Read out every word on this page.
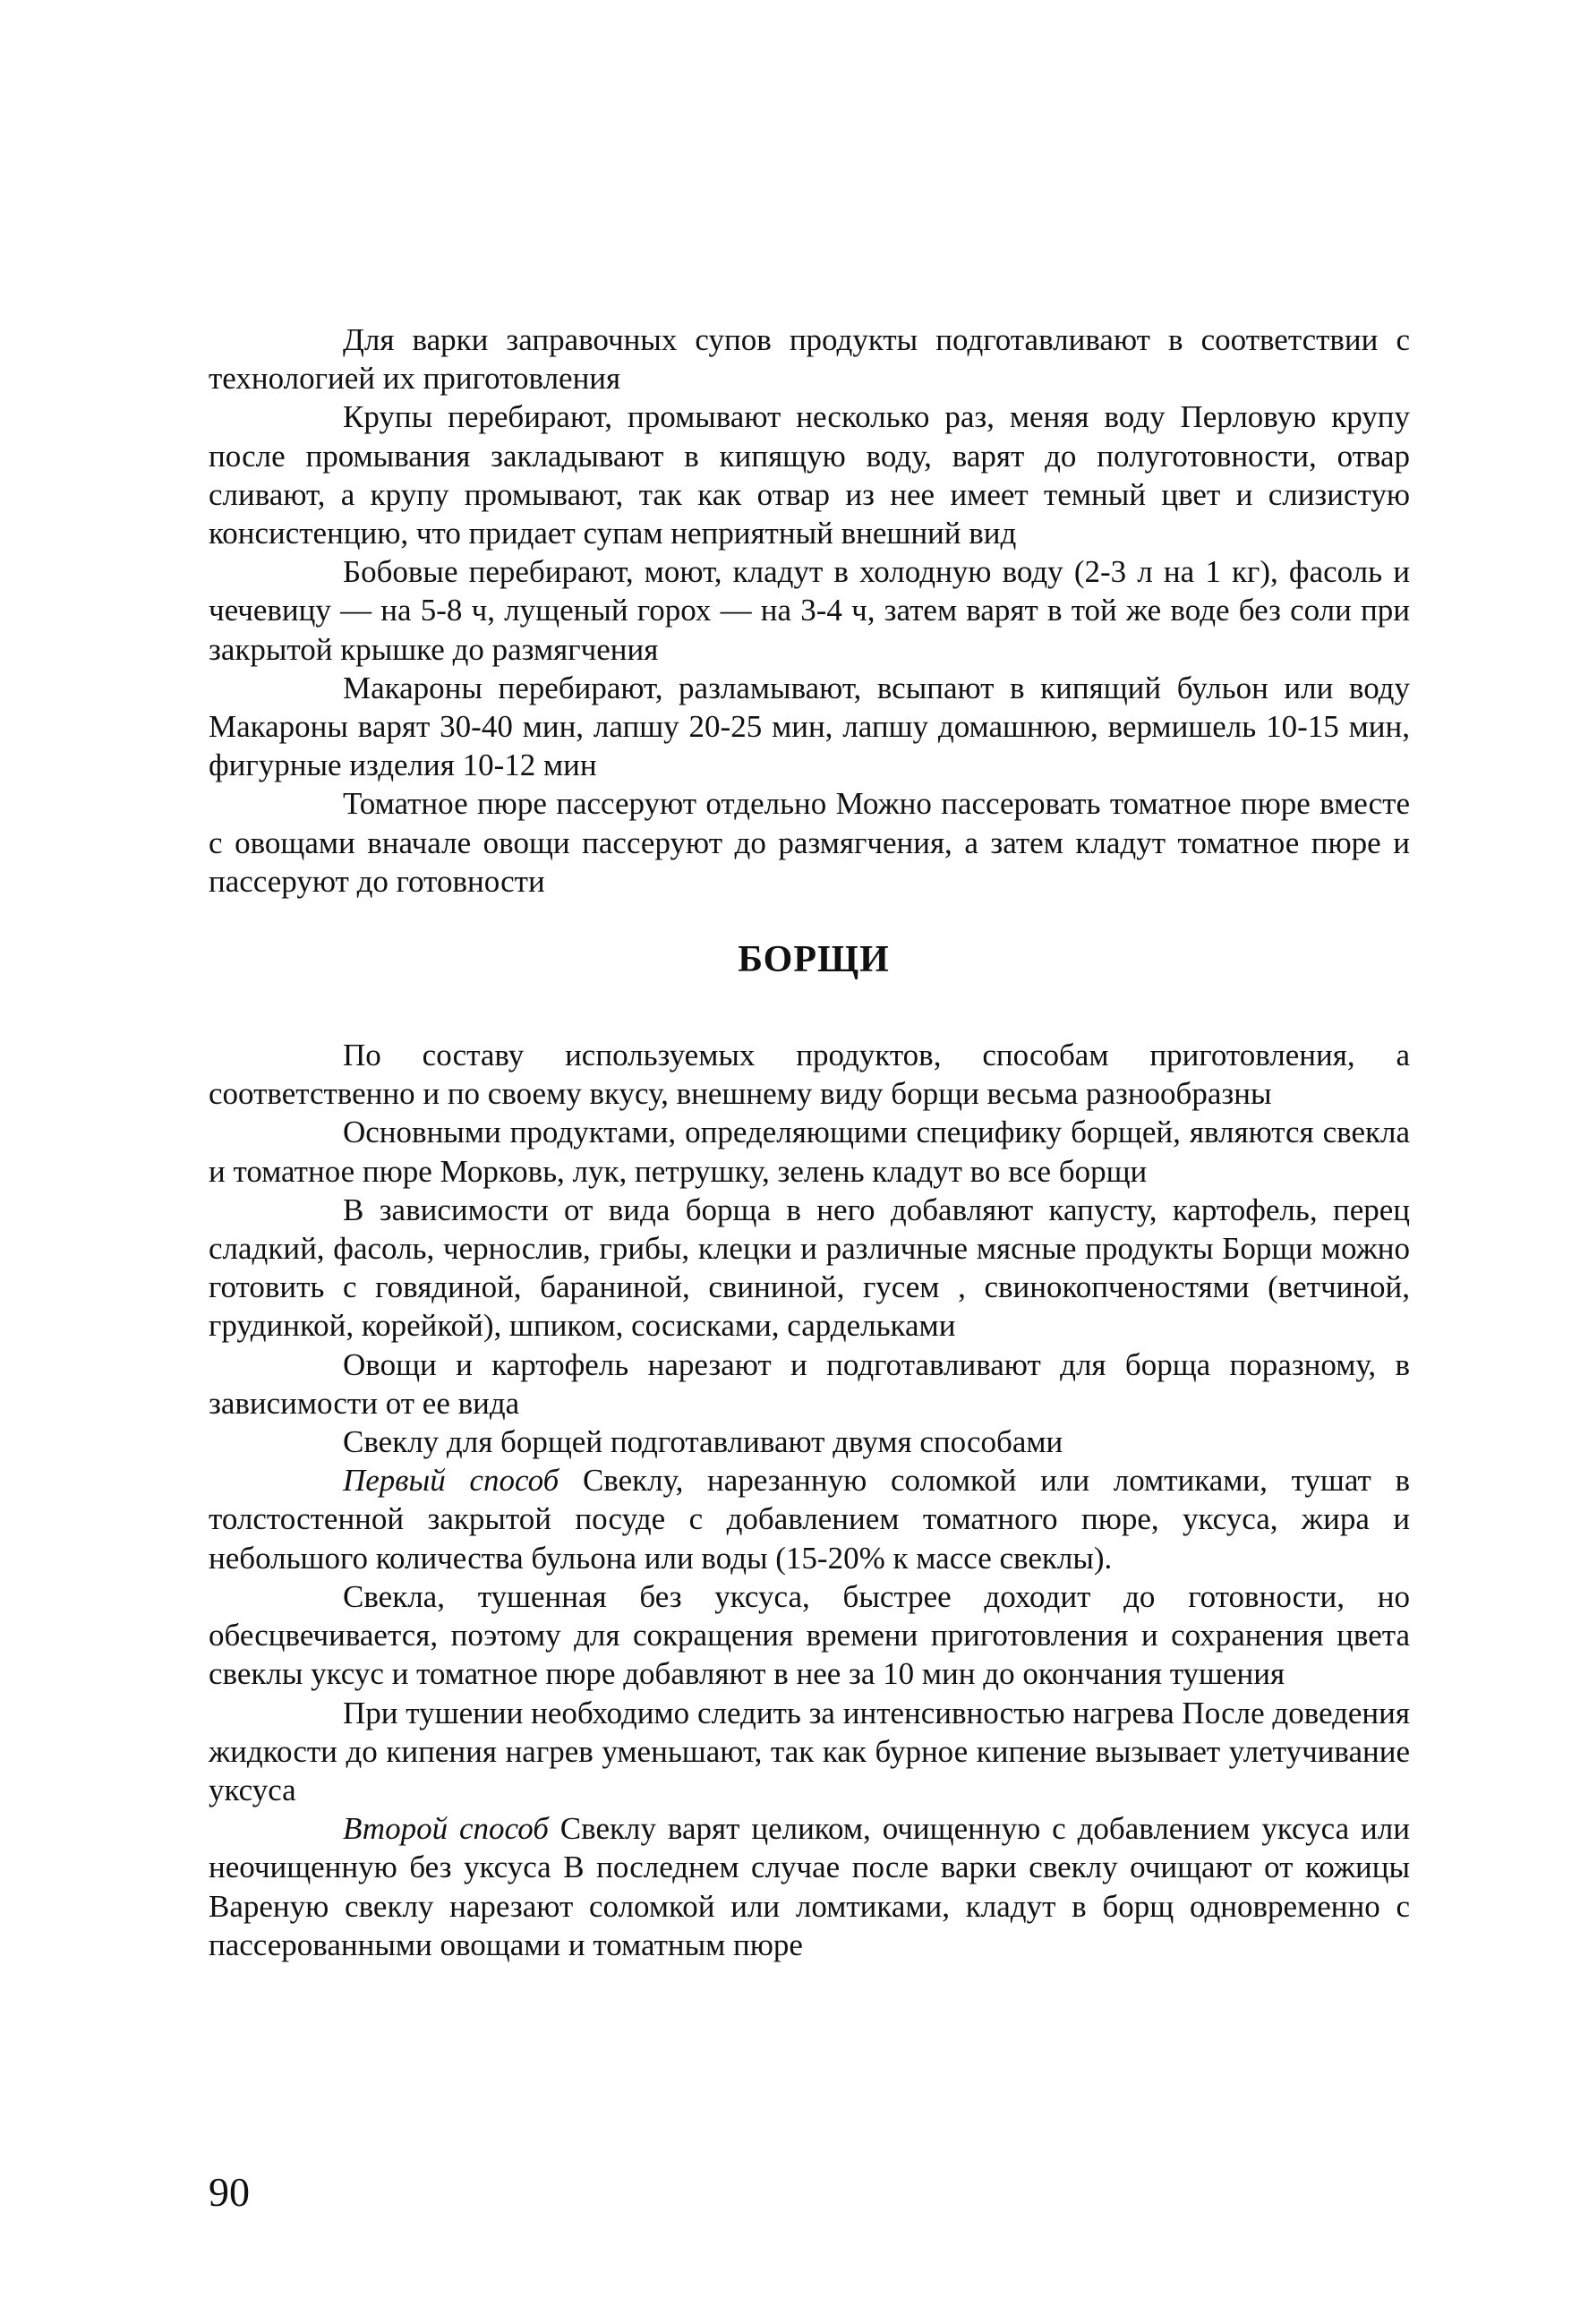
Для варки заправочных супов продукты подготавливают в соответствии с технологией их приготовления

Крупы перебирают, промывают несколько раз, меняя воду Перловую крупу после промывания закладывают в кипящую воду, варят до полуготовности, отвар сливают, а крупу промывают, так как отвар из нее имеет темный цвет и слизистую консистенцию, что придает супам неприятный внешний вид

Бобовые перебирают, моют, кладут в холодную воду (2-3 л на 1 кг), фасоль и чечевицу — на 5-8 ч, лущеный горох — на 3-4 ч, затем варят в той же воде без соли при закрытой крышке до размягчения

Макароны перебирают, разламывают, всыпают в кипящий бульон или воду Макароны варят 30-40 мин, лапшу 20-25 мин, лапшу домашнюю, вермишель 10-15 мин, фигурные изделия 10-12 мин

Томатное пюре пассеруют отдельно Можно пассеровать томатное пюре вместе с овощами вначале овощи пассеруют до размягчения, а затем кладут томатное пюре и пассеруют до готовности

БОРЩИ

По составу используемых продуктов, способам приготовления, а соответственно и по своему вкусу, внешнему виду борщи весьма разнообразны

Основными продуктами, определяющими специфику борщей, являются свекла и томатное пюре Морковь, лук, петрушку, зелень кладут во все борщи

В зависимости от вида борща в него добавляют капусту, картофель, перец сладкий, фасоль, чернослив, грибы, клецки и различные мясные продукты Борщи можно готовить с говядиной, бараниной, свининой, гусем , свинокопченостями (ветчиной, грудинкой, корейкой), шпиком, сосисками, сардельками

Овощи и картофель нарезают и подготавливают для борща поразному, в зависимости от ее вида

Свеклу для борщей подготавливают двумя способами

Первый способ Свеклу, нарезанную соломкой или ломтиками, тушат в толстостенной закрытой посуде с добавлением томатного пюре, уксуса, жира и небольшого количества бульона или воды (15-20% к массе свеклы).

Свекла, тушенная без уксуса, быстрее доходит до готовности, но обесцвечивается, поэтому для сокращения времени приготовления и сохранения цвета свеклы уксус и томатное пюре добавляют в нее за 10 мин до окончания тушения

При тушении необходимо следить за интенсивностью нагрева После доведения жидкости до кипения нагрев уменьшают, так как бурное кипение вызывает улетучивание уксуса

Второй способ Свеклу варят целиком, очищенную с добавлением уксуса или неочищенную без уксуса В последнем случае после варки свеклу очищают от кожицы Вареную свеклу нарезают соломкой или ломтиками, кладут в борщ одновременно с пассерованными овощами и томатным пюре

90
